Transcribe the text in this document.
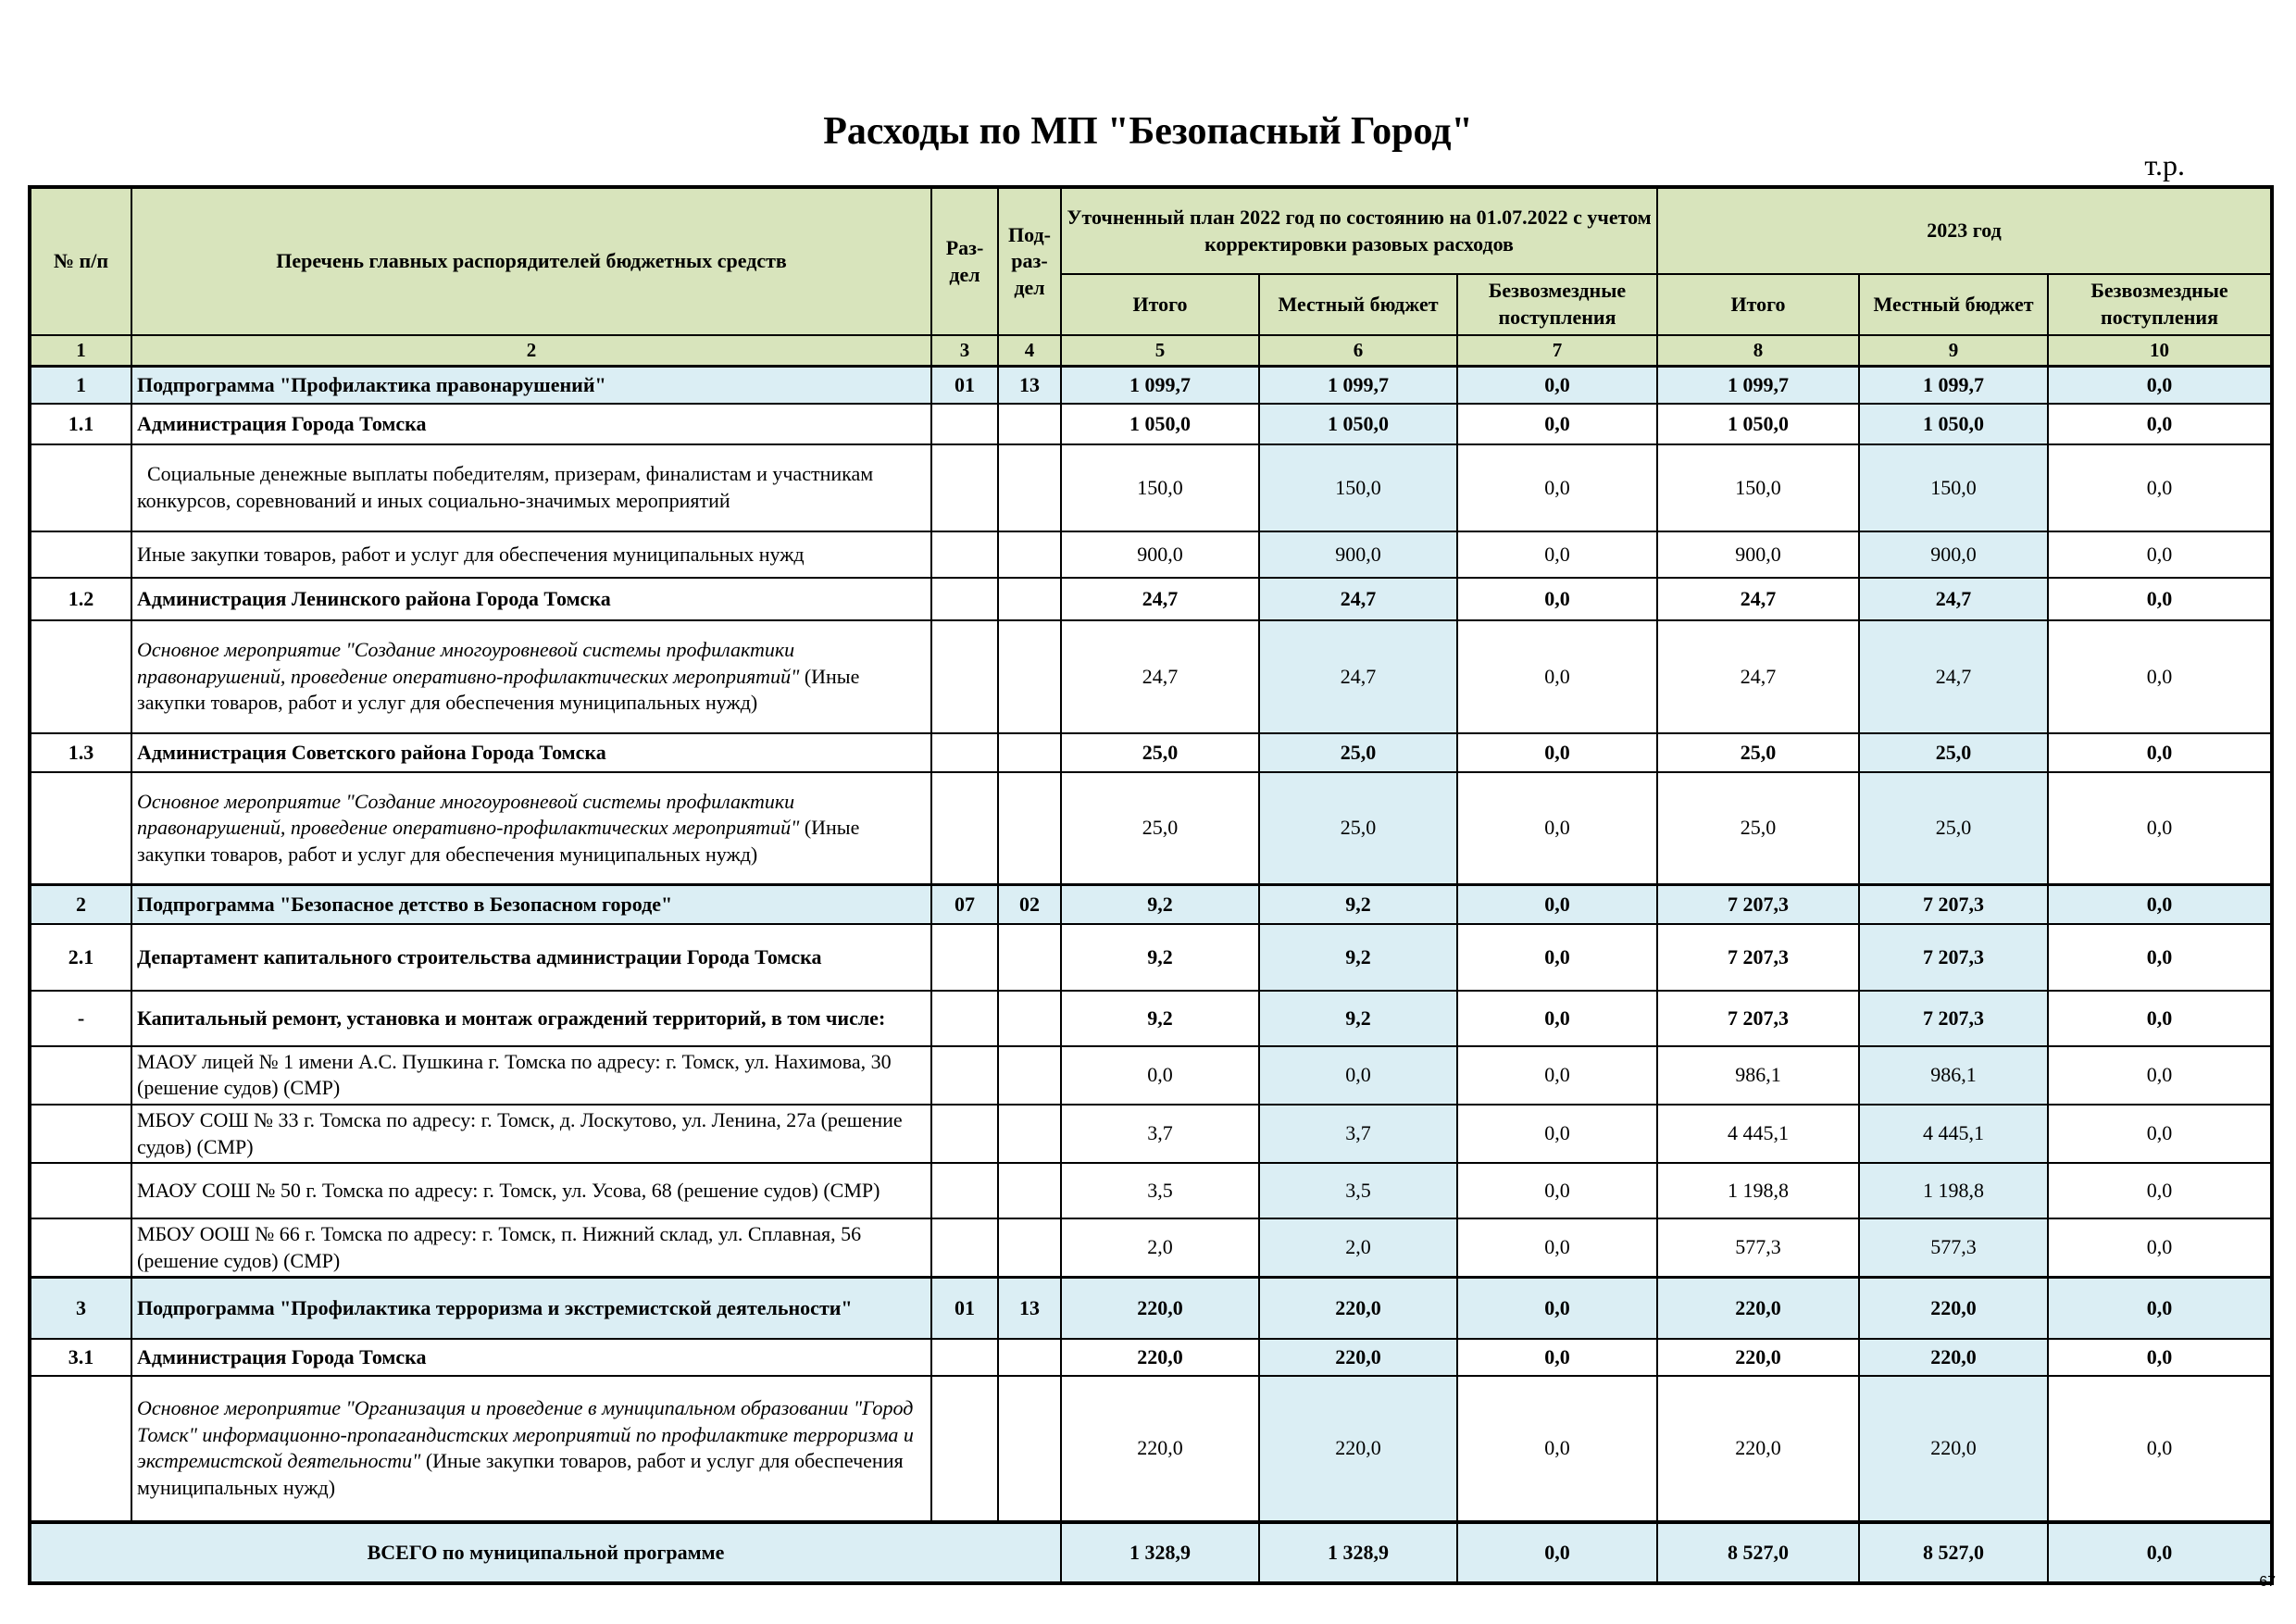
Расходы по МП "Безопасный Город"
т.р.
№ п/п	Перечень главных распорядителей бюджетных средств	Раз-дел	Под-раз-дел	Уточненный план 2022 год по состоянию на 01.07.2022 с учетом корректировки разовых расходов			2023 год		
				Итого	Местный бюджет	Безвозмездные поступления	Итого	Местный бюджет	Безвозмездные поступления
1	2	3	4	5	6	7	8	9	10
1	Подпрограмма "Профилактика правонарушений"	01	13	1 099,7	1 099,7	0,0	1 099,7	1 099,7	0,0
1.1	Администрация Города Томска			1 050,0	1 050,0	0,0	1 050,0	1 050,0	0,0
	Социальные денежные выплаты победителям, призерам, финалистам и участникам конкурсов, соревнований и иных социально-значимых мероприятий			150,0	150,0	0,0	150,0	150,0	0,0
	Иные закупки товаров, работ и услуг для обеспечения муниципальных нужд			900,0	900,0	0,0	900,0	900,0	0,0
1.2	Администрация Ленинского района Города Томска			24,7	24,7	0,0	24,7	24,7	0,0
	Основное мероприятие "Создание многоуровневой системы профилактики правонарушений, проведение оперативно-профилактических мероприятий" (Иные закупки товаров, работ и услуг для обеспечения муниципальных нужд)			24,7	24,7	0,0	24,7	24,7	0,0
1.3	Администрация Советского района Города Томска			25,0	25,0	0,0	25,0	25,0	0,0
	Основное мероприятие "Создание многоуровневой системы профилактики правонарушений, проведение оперативно-профилактических мероприятий" (Иные закупки товаров, работ и услуг для обеспечения муниципальных нужд)			25,0	25,0	0,0	25,0	25,0	0,0
2	Подпрограмма "Безопасное детство в Безопасном городе"	07	02	9,2	9,2	0,0	7 207,3	7 207,3	0,0
2.1	Департамент капитального строительства администрации Города Томска			9,2	9,2	0,0	7 207,3	7 207,3	0,0
-	Капитальный ремонт, установка и монтаж ограждений территорий, в том числе:			9,2	9,2	0,0	7 207,3	7 207,3	0,0
	МАОУ лицей № 1 имени А.С. Пушкина г. Томска по адресу: г. Томск, ул. Нахимова, 30 (решение судов) (СМР)			0,0	0,0	0,0	986,1	986,1	0,0
	МБОУ СОШ № 33 г. Томска по адресу: г. Томск, д. Лоскутово, ул. Ленина, 27а (решение судов) (СМР)			3,7	3,7	0,0	4 445,1	4 445,1	0,0
	МАОУ СОШ № 50 г. Томска по адресу: г. Томск, ул. Усова, 68 (решение судов) (СМР)			3,5	3,5	0,0	1 198,8	1 198,8	0,0
	МБОУ ООШ № 66 г. Томска по адресу: г. Томск, п. Нижний склад, ул. Сплавная, 56 (решение судов) (СМР)			2,0	2,0	0,0	577,3	577,3	0,0
3	Подпрограмма "Профилактика терроризма и экстремистской деятельности"	01	13	220,0	220,0	0,0	220,0	220,0	0,0
3.1	Администрация Города Томска			220,0	220,0	0,0	220,0	220,0	0,0
	Основное мероприятие "Организация и проведение в муниципальном образовании "Город Томск" информационно-пропагандистских мероприятий по профилактике терроризма и экстремистской деятельности" (Иные закупки товаров, работ и услуг для обеспечения муниципальных нужд)			220,0	220,0	0,0	220,0	220,0	0,0
ВСЕГО по муниципальной программе				1 328,9	1 328,9	0,0	8 527,0	8 527,0	0,0
67
